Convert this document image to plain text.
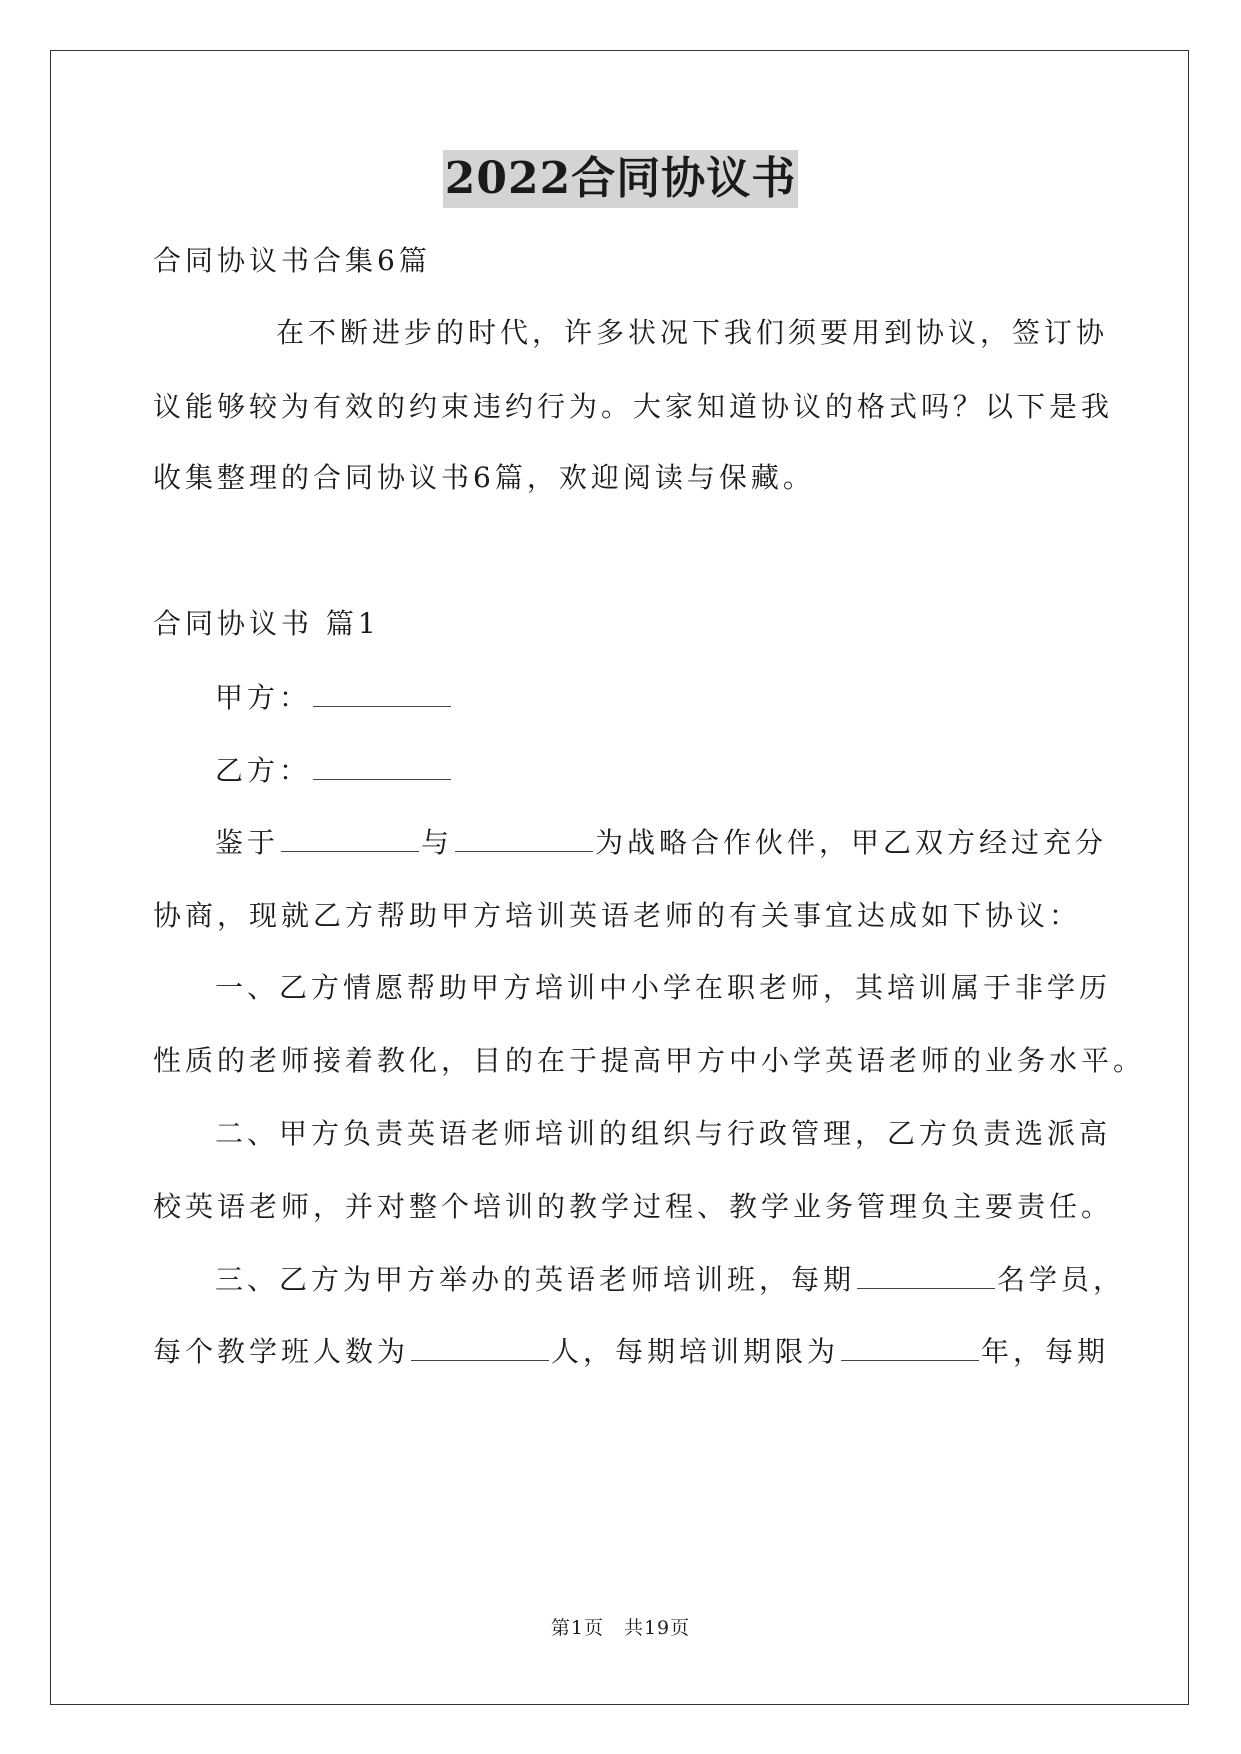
2022合同协议书
合同协议书合集6篇
在不断进步的时代，许多状况下我们须要用到协议，签订协
议能够较为有效的约束违约行为。大家知道协议的格式吗？以下是我
收集整理的合同协议书6篇，欢迎阅读与保藏。
合同协议书 篇1
甲方：
乙方：
鉴于	与	为战略合作伙伴，甲乙双方经过充分
协商，现就乙方帮助甲方培训英语老师的有关事宜达成如下协议：
一、乙方情愿帮助甲方培训中小学在职老师，其培训属于非学历
性质的老师接着教化，目的在于提高甲方中小学英语老师的业务水平。
二、甲方负责英语老师培训的组织与行政管理，乙方负责选派高
校英语老师，并对整个培训的教学过程、教学业务管理负主要责任。
三、乙方为甲方举办的英语老师培训班，每期	名学员，
每个教学班人数为	人，每期培训期限为	年，每期
第1页　共19页
